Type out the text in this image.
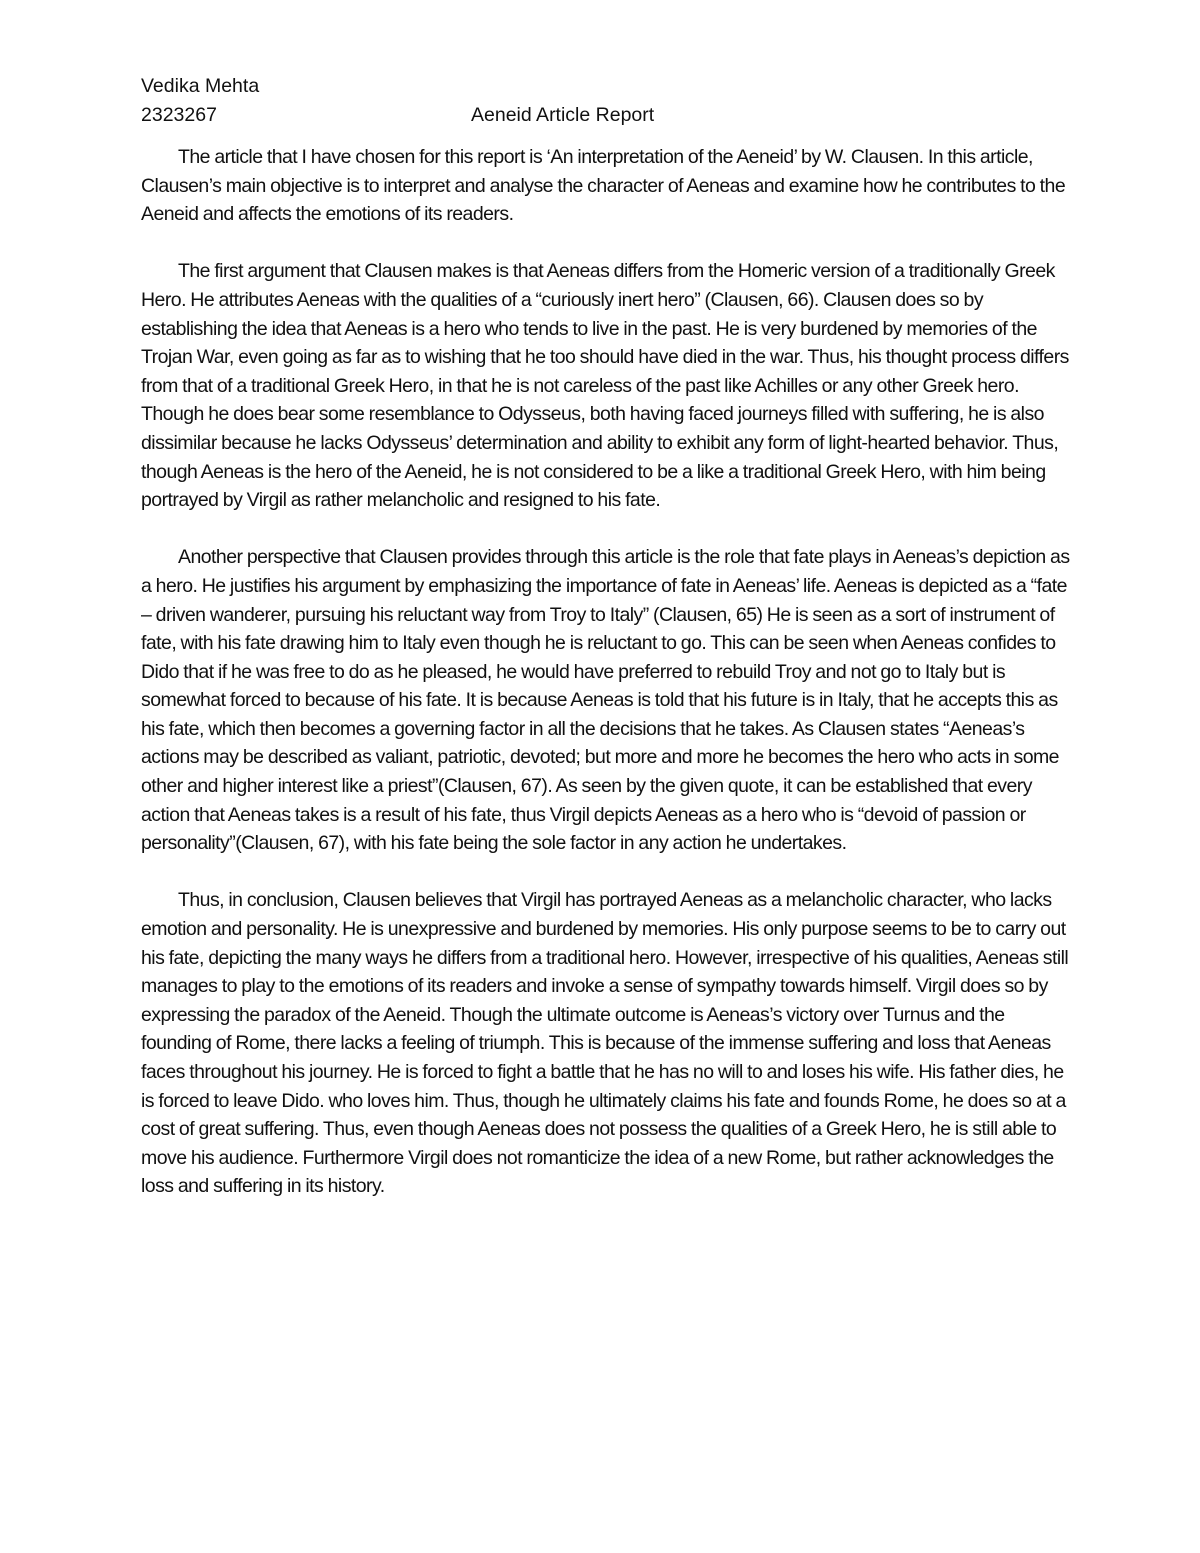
Vedika Mehta
2323267	Aeneid Article Report

The article that I have chosen for this report is ‘An interpretation of the Aeneid’ by W. Clausen. In this article, Clausen’s main objective is to interpret and analyse the character of Aeneas and examine how he contributes to the Aeneid and affects the emotions of its readers.

The first argument that Clausen makes is that Aeneas differs from the Homeric version of a traditionally Greek Hero. He attributes Aeneas with the qualities of a “curiously inert hero” (Clausen, 66). Clausen does so by establishing the idea that Aeneas is a hero who tends to live in the past. He is very burdened by memories of the Trojan War, even going as far as to wishing that he too should have died in the war. Thus, his thought process differs from that of a traditional Greek Hero, in that he is not careless of the past like Achilles or any other Greek hero. Though he does bear some resemblance to Odysseus, both having faced journeys filled with suffering, he is also dissimilar because he lacks Odysseus’ determination and ability to exhibit any form of light-hearted behavior. Thus, though Aeneas is the hero of the Aeneid, he is not considered to be a like a traditional Greek Hero, with him being portrayed by Virgil as rather melancholic and resigned to his fate.

Another perspective that Clausen provides through this article is the role that fate plays in Aeneas’s depiction as a hero. He justifies his argument by emphasizing the importance of fate in Aeneas’ life. Aeneas is depicted as a “fate – driven wanderer, pursuing his reluctant way from Troy to Italy” (Clausen, 65) He is seen as a sort of instrument of fate, with his fate drawing him to Italy even though he is reluctant to go. This can be seen when Aeneas confides to Dido that if he was free to do as he pleased, he would have preferred to rebuild Troy and not go to Italy but is somewhat forced to because of his fate. It is because Aeneas is told that his future is in Italy, that he accepts this as his fate, which then becomes a governing factor in all the decisions that he takes. As Clausen states “Aeneas’s actions may be described as valiant, patriotic, devoted; but more and more he becomes the hero who acts in some other and higher interest like a priest”(Clausen, 67). As seen by the given quote, it can be established that every action that Aeneas takes is a result of his fate, thus Virgil depicts Aeneas as a hero who is “devoid of passion or personality”(Clausen, 67), with his fate being the sole factor in any action he undertakes.

Thus, in conclusion, Clausen believes that Virgil has portrayed Aeneas as a melancholic character, who lacks emotion and personality. He is unexpressive and burdened by memories. His only purpose seems to be to carry out his fate, depicting the many ways he differs from a traditional hero. However, irrespective of his qualities, Aeneas still manages to play to the emotions of its readers and invoke a sense of sympathy towards himself. Virgil does so by expressing the paradox of the Aeneid. Though the ultimate outcome is Aeneas’s victory over Turnus and the founding of Rome, there lacks a feeling of triumph. This is because of the immense suffering and loss that Aeneas faces throughout his journey. He is forced to fight a battle that he has no will to and loses his wife. His father dies, he is forced to leave Dido. who loves him. Thus, though he ultimately claims his fate and founds Rome, he does so at a cost of great suffering. Thus, even though Aeneas does not possess the qualities of a Greek Hero, he is still able to move his audience. Furthermore Virgil does not romanticize the idea of a new Rome, but rather acknowledges the loss and suffering in its history.
